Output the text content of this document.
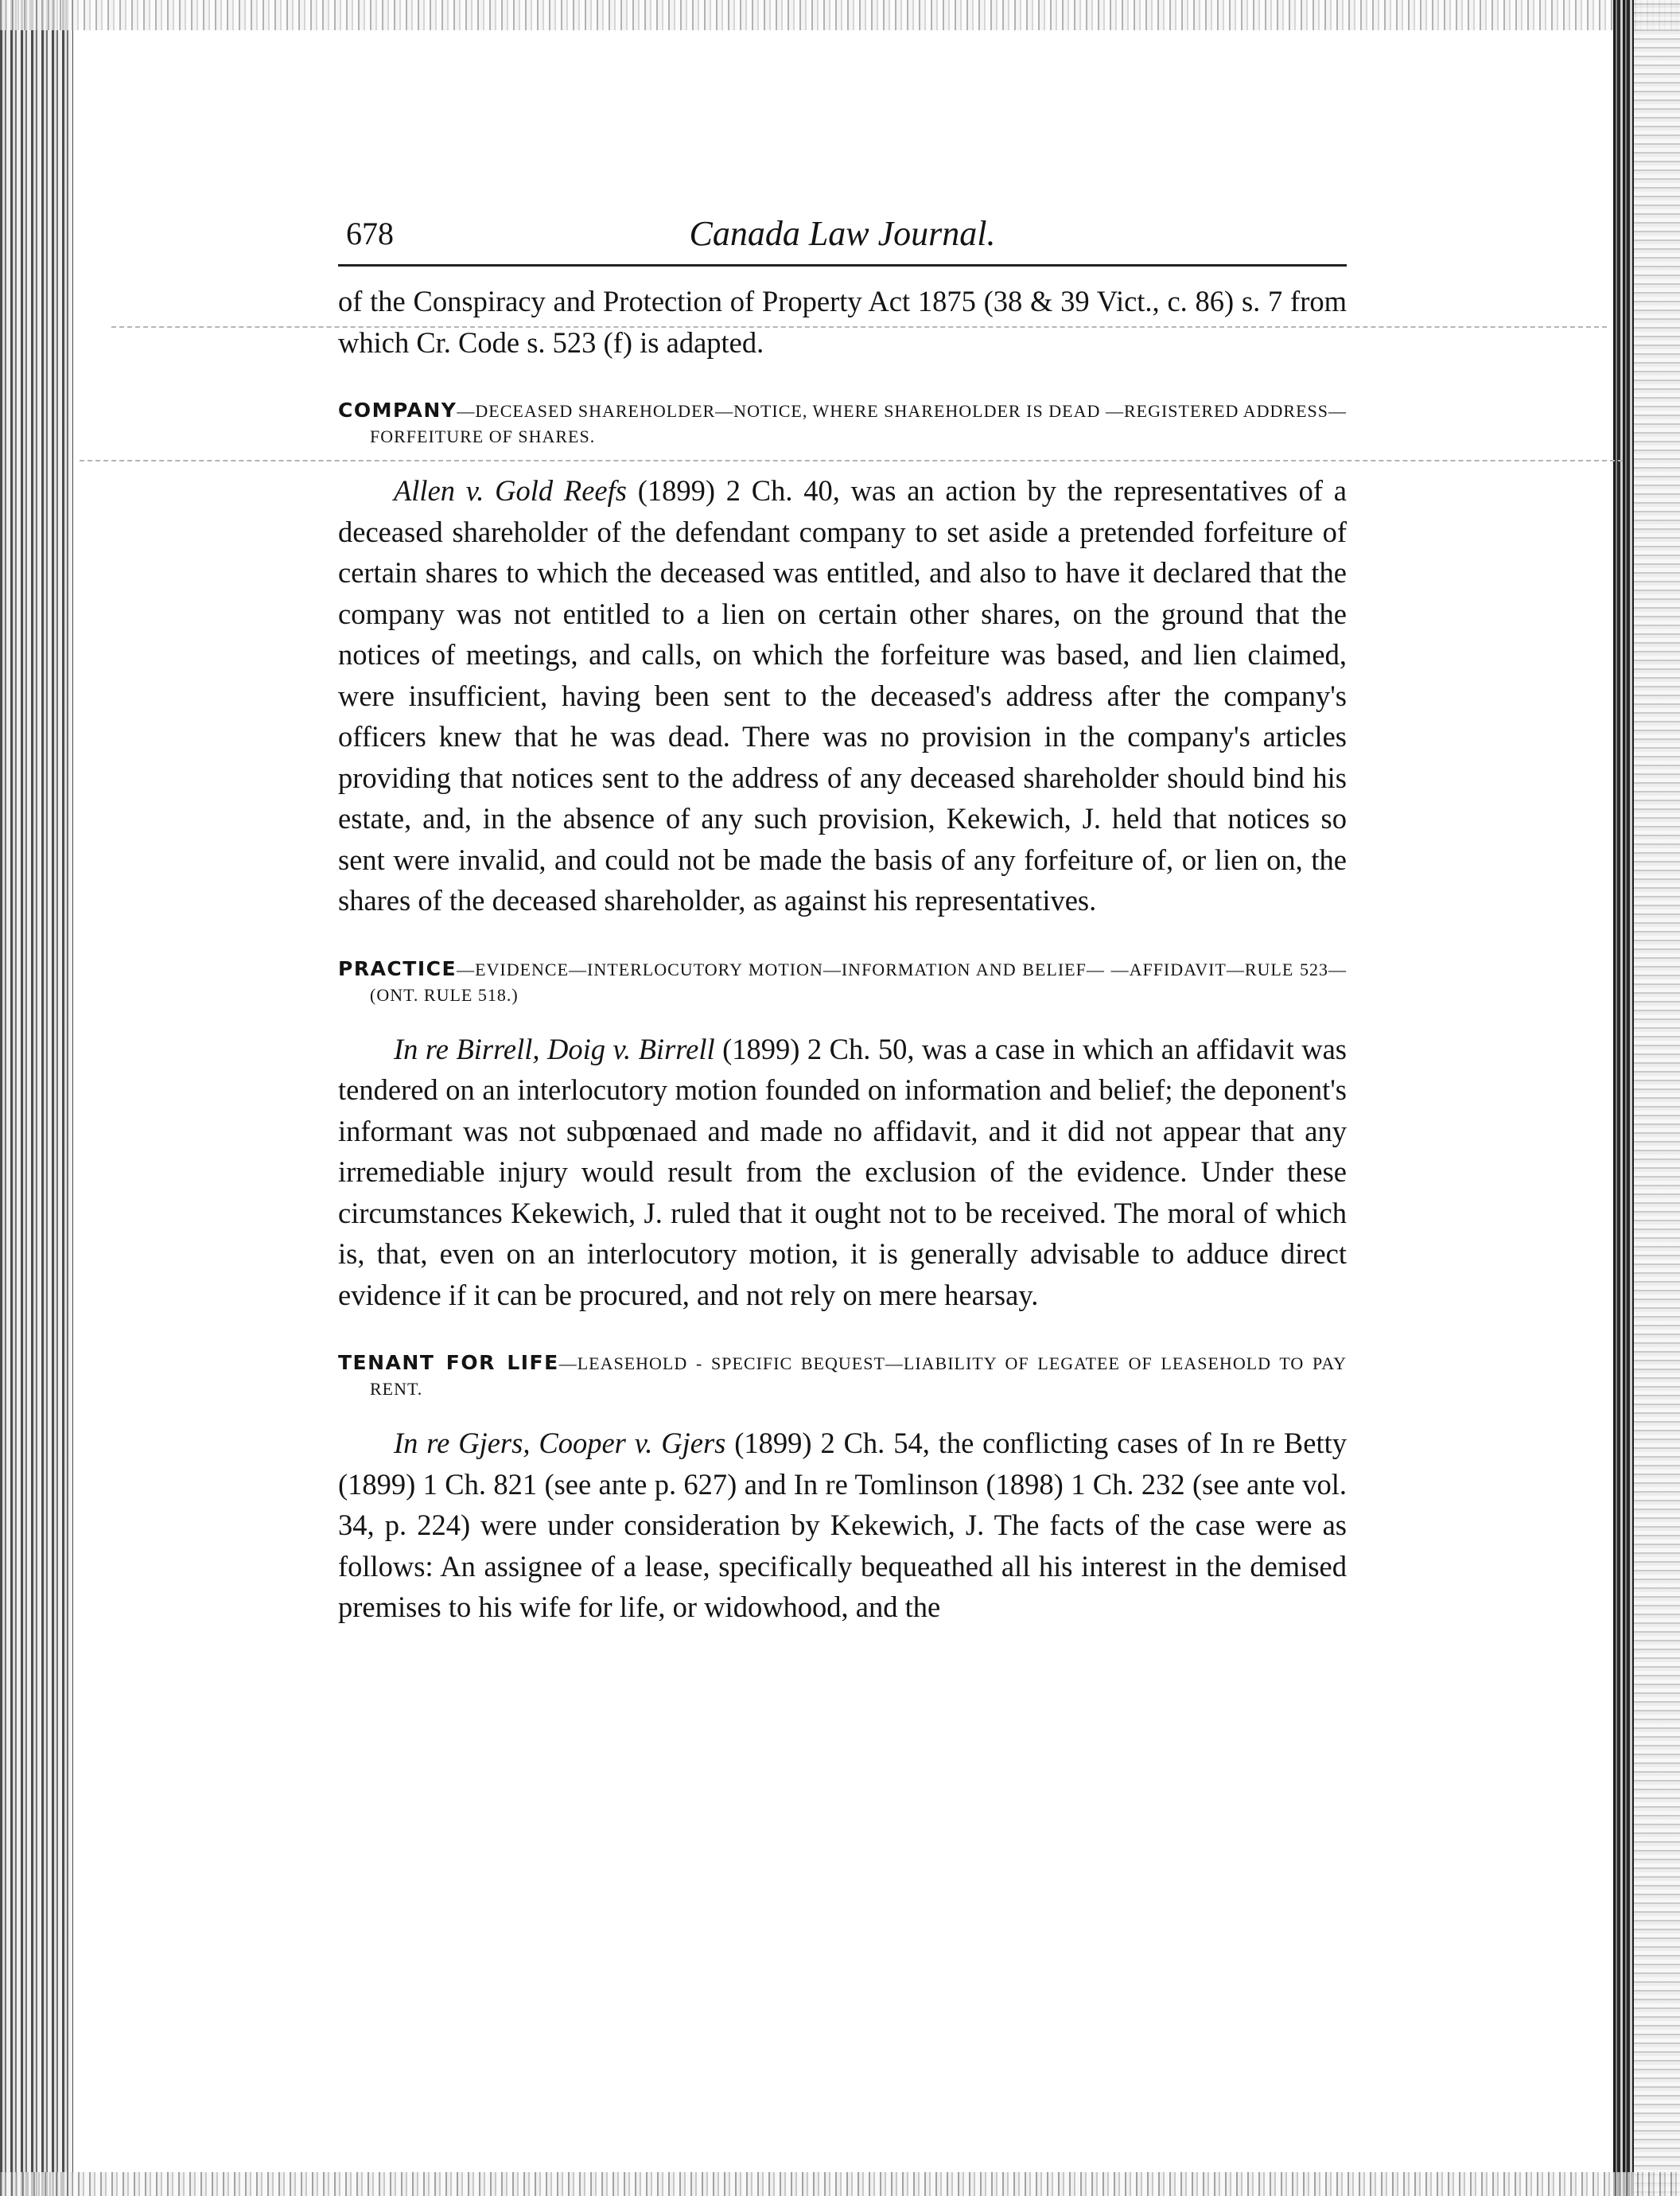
678	Canada Law Journal.

of the Conspiracy and Protection of Property Act 1875 (38 & 39 Vict., c. 86) s. 7 from which Cr. Code s. 523 (f) is adapted.

COMPANY—DECEASED SHAREHOLDER—NOTICE, WHERE SHAREHOLDER IS DEAD —REGISTERED ADDRESS—FORFEITURE OF SHARES.

Allen v. Gold Reefs (1899) 2 Ch. 40, was an action by the representatives of a deceased shareholder of the defendant company to set aside a pretended forfeiture of certain shares to which the deceased was entitled, and also to have it declared that the company was not entitled to a lien on certain other shares, on the ground that the notices of meetings, and calls, on which the forfeiture was based, and lien claimed, were insufficient, having been sent to the deceased's address after the company's officers knew that he was dead. There was no provision in the company's articles providing that notices sent to the address of any deceased shareholder should bind his estate, and, in the absence of any such provision, Kekewich, J. held that notices so sent were invalid, and could not be made the basis of any forfeiture of, or lien on, the shares of the deceased shareholder, as against his representatives.

PRACTICE—EVIDENCE—INTERLOCUTORY MOTION—INFORMATION AND BELIEF— —AFFIDAVIT—RULE 523—(ONT. RULE 518.)

In re Birrell, Doig v. Birrell (1899) 2 Ch. 50, was a case in which an affidavit was tendered on an interlocutory motion founded on information and belief; the deponent's informant was not subpœnaed and made no affidavit, and it did not appear that any irremediable injury would result from the exclusion of the evidence. Under these circumstances Kekewich, J. ruled that it ought not to be received. The moral of which is, that, even on an interlocutory motion, it is generally advisable to adduce direct evidence if it can be procured, and not rely on mere hearsay.

TENANT FOR LIFE—LEASEHOLD - SPECIFIC BEQUEST—LIABILITY OF LEGATEE OF LEASEHOLD TO PAY RENT.

In re Gjers, Cooper v. Gjers (1899) 2 Ch. 54, the conflicting cases of In re Betty (1899) 1 Ch. 821 (see ante p. 627) and In re Tomlinson (1898) 1 Ch. 232 (see ante vol. 34, p. 224) were under consideration by Kekewich, J. The facts of the case were as follows: An assignee of a lease, specifically bequeathed all his interest in the demised premises to his wife for life, or widowhood, and the
